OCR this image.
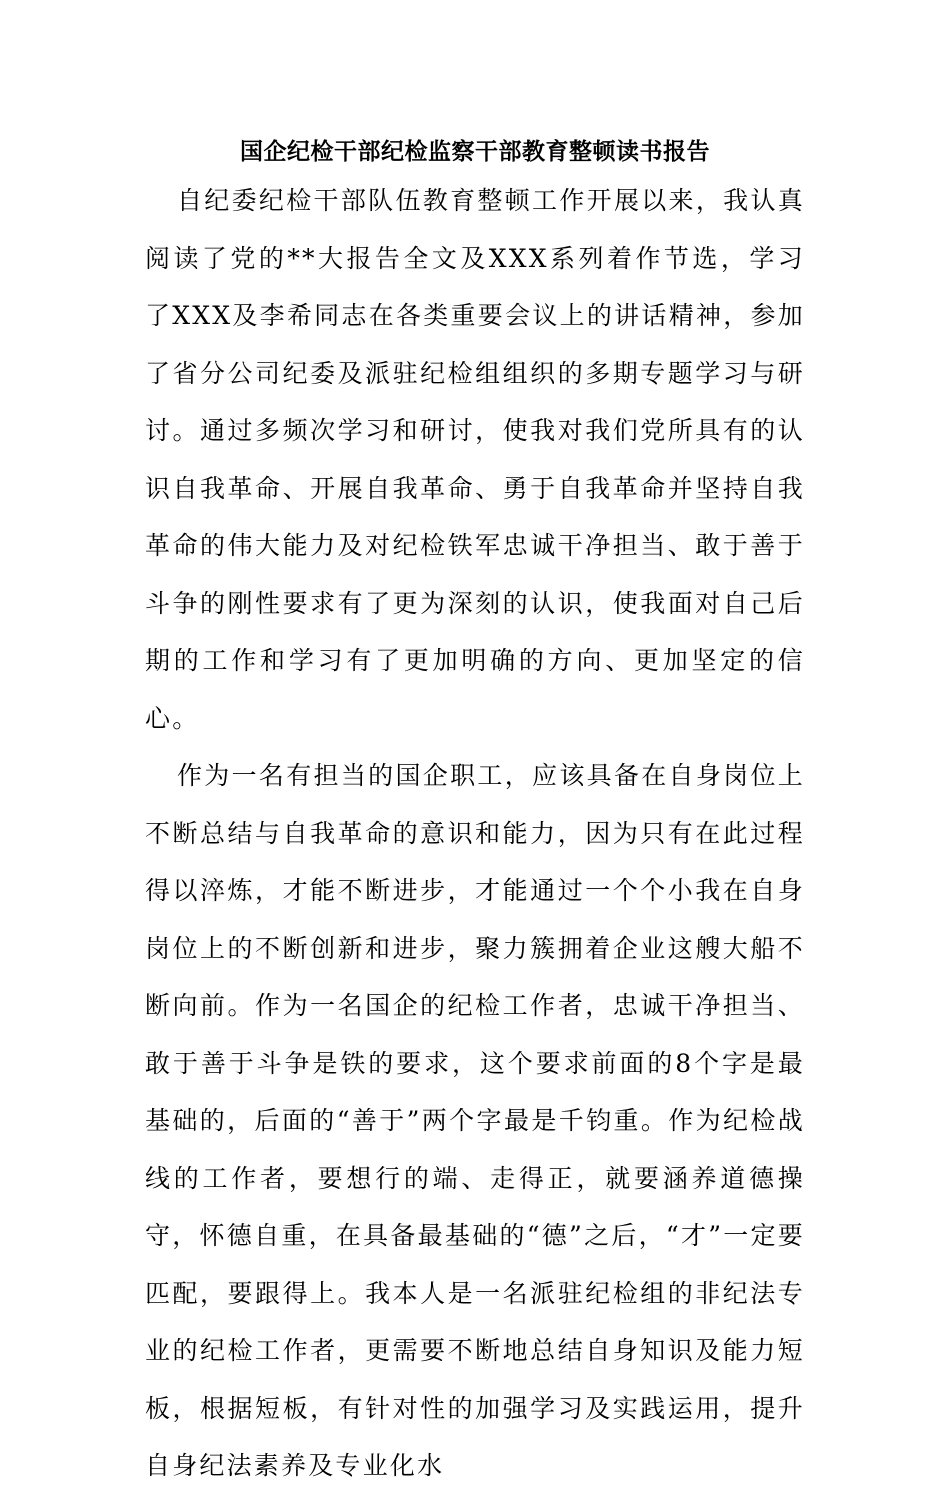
国企纪检干部纪检监察干部教育整顿读书报告

自纪委纪检干部队伍教育整顿工作开展以来，我认真阅读了党的**大报告全文及XXX系列着作节选，学习了XXX及李希同志在各类重要会议上的讲话精神，参加了省分公司纪委及派驻纪检组组织的多期专题学习与研讨。通过多频次学习和研讨，使我对我们党所具有的认识自我革命、开展自我革命、勇于自我革命并坚持自我革命的伟大能力及对纪检铁军忠诚干净担当、敢于善于斗争的刚性要求有了更为深刻的认识，使我面对自己后期的工作和学习有了更加明确的方向、更加坚定的信心。

作为一名有担当的国企职工，应该具备在自身岗位上不断总结与自我革命的意识和能力，因为只有在此过程得以淬炼，才能不断进步，才能通过一个个小我在自身岗位上的不断创新和进步，聚力簇拥着企业这艘大船不断向前。作为一名国企的纪检工作者，忠诚干净担当、敢于善于斗争是铁的要求，这个要求前面的8个字是最基础的，后面的“善于”两个字最是千钧重。作为纪检战线的工作者，要想行的端、走得正，就要涵养道德操守，怀德自重，在具备最基础的“德”之后，“才”一定要匹配，要跟得上。我本人是一名派驻纪检组的非纪法专业的纪检工作者，更需要不断地总结自身知识及能力短板，根据短板，有针对性的加强学习及实践运用，提升自身纪法素养及专业化水
